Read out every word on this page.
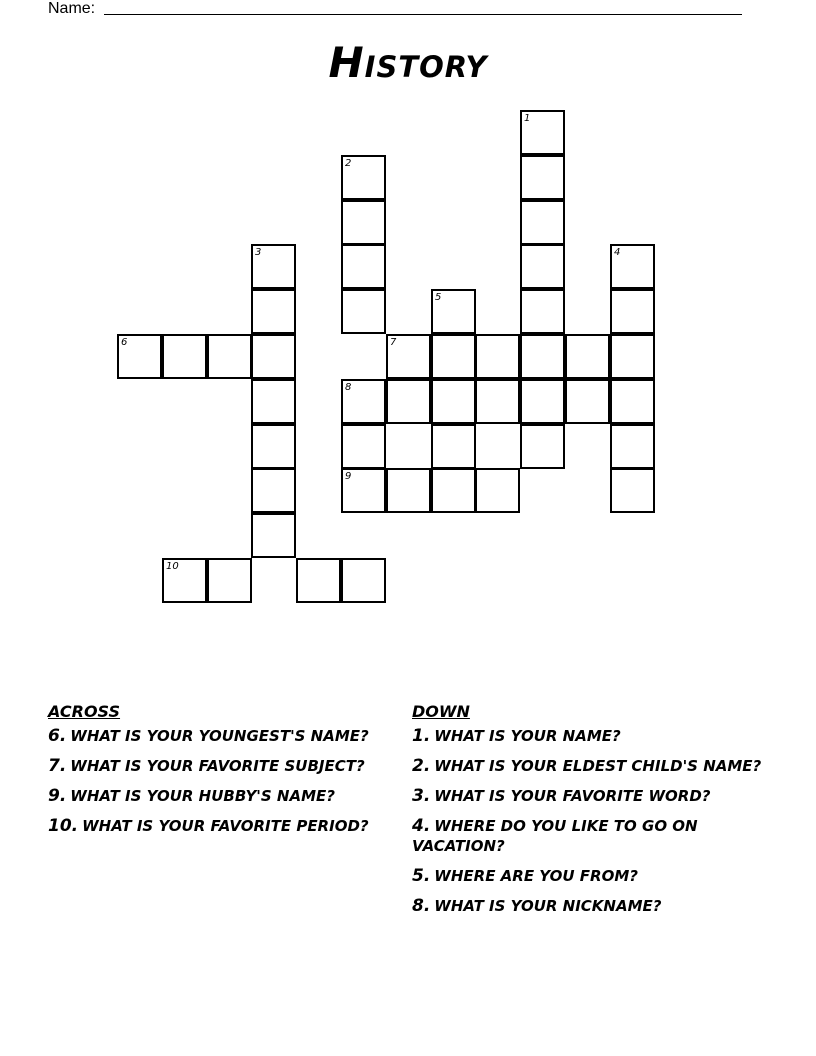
Name:
History
1
2
3	4
5
6	7
8
9
10
ACROSS
6. WHAT IS YOUR YOUNGEST'S NAME?
7. WHAT IS YOUR FAVORITE SUBJECT?
9. WHAT IS YOUR HUBBY'S NAME?
10. WHAT IS YOUR FAVORITE PERIOD?
DOWN
1. WHAT IS YOUR NAME?
2. WHAT IS YOUR ELDEST CHILD'S NAME?
3. WHAT IS YOUR FAVORITE WORD?
4. WHERE DO YOU LIKE TO GO ON VACATION?
5. WHERE ARE YOU FROM?
8. WHAT IS YOUR NICKNAME?
